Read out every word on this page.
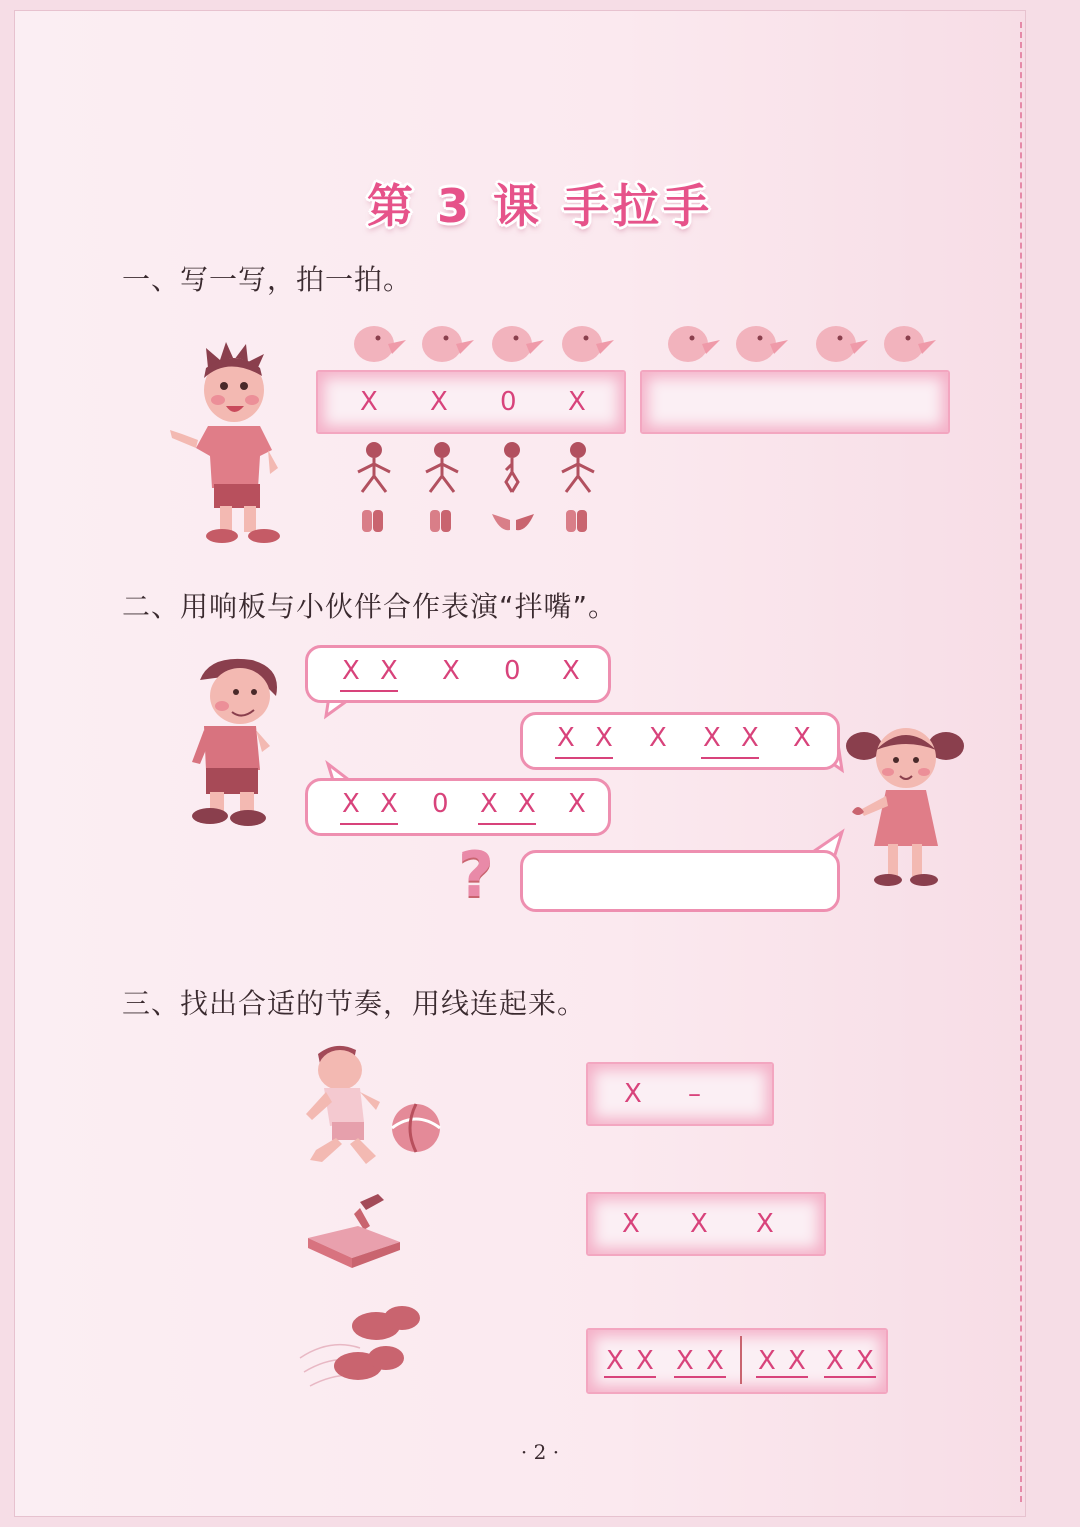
第 3 课 手拉手
一、写一写，拍一拍。
X X 0 X
二、用响板与小伙伴合作表演“拌嘴”。
X X X 0 X
X X X X X X
X X 0 X X X
?
三、找出合适的节奏，用线连起来。
X –
X X X
X X X X X X X X
· 2 ·
